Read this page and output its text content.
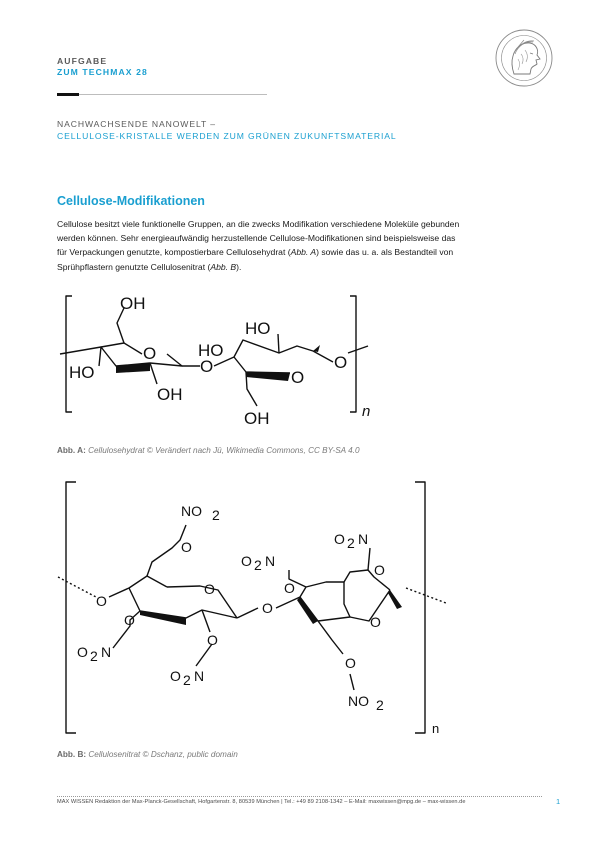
AUFGABE
ZUM TECHMAX 28
NACHWACHSENDE NANOWELT –
CELLULOSE-KRISTALLE WERDEN ZUM GRÜNEN ZUKUNFTSMATERIAL
Cellulose-Modifikationen
Cellulose besitzt viele funktionelle Gruppen, an die zwecks Modifikation verschiedene Moleküle gebunden
werden können. Sehr energieaufwändig herzustellende Cellulose-Modifikationen sind beispielsweise das
für Verpackungen genutzte, kompostierbare Cellulosehydrat (Abb. A) sowie das u. a. als Bestandteil von
Sprühpflastern genutzte Cellulosenitrat (Abb. B).
OH
HO
OH
HO
HO
OH
O
O
O
O
n
Abb. A: Cellulosehydrat © Verändert nach Jü, Wikimedia Commons, CC BY-SA 4.0
NO 2
O
O
O
O
O 2 N
O
O 2 N
O
O 2 N
O
O 2 N
O
O
O
NO 2
n
Abb. B: Cellulosenitrat © Dschanz, public domain
MAX WISSEN Redaktion der Max-Planck-Gesellschaft, Hofgartenstr. 8, 80539 München | Tel.: +49 89 2108-1342 – E-Mail: maxwissen@mpg.de – max-wissen.de	1
